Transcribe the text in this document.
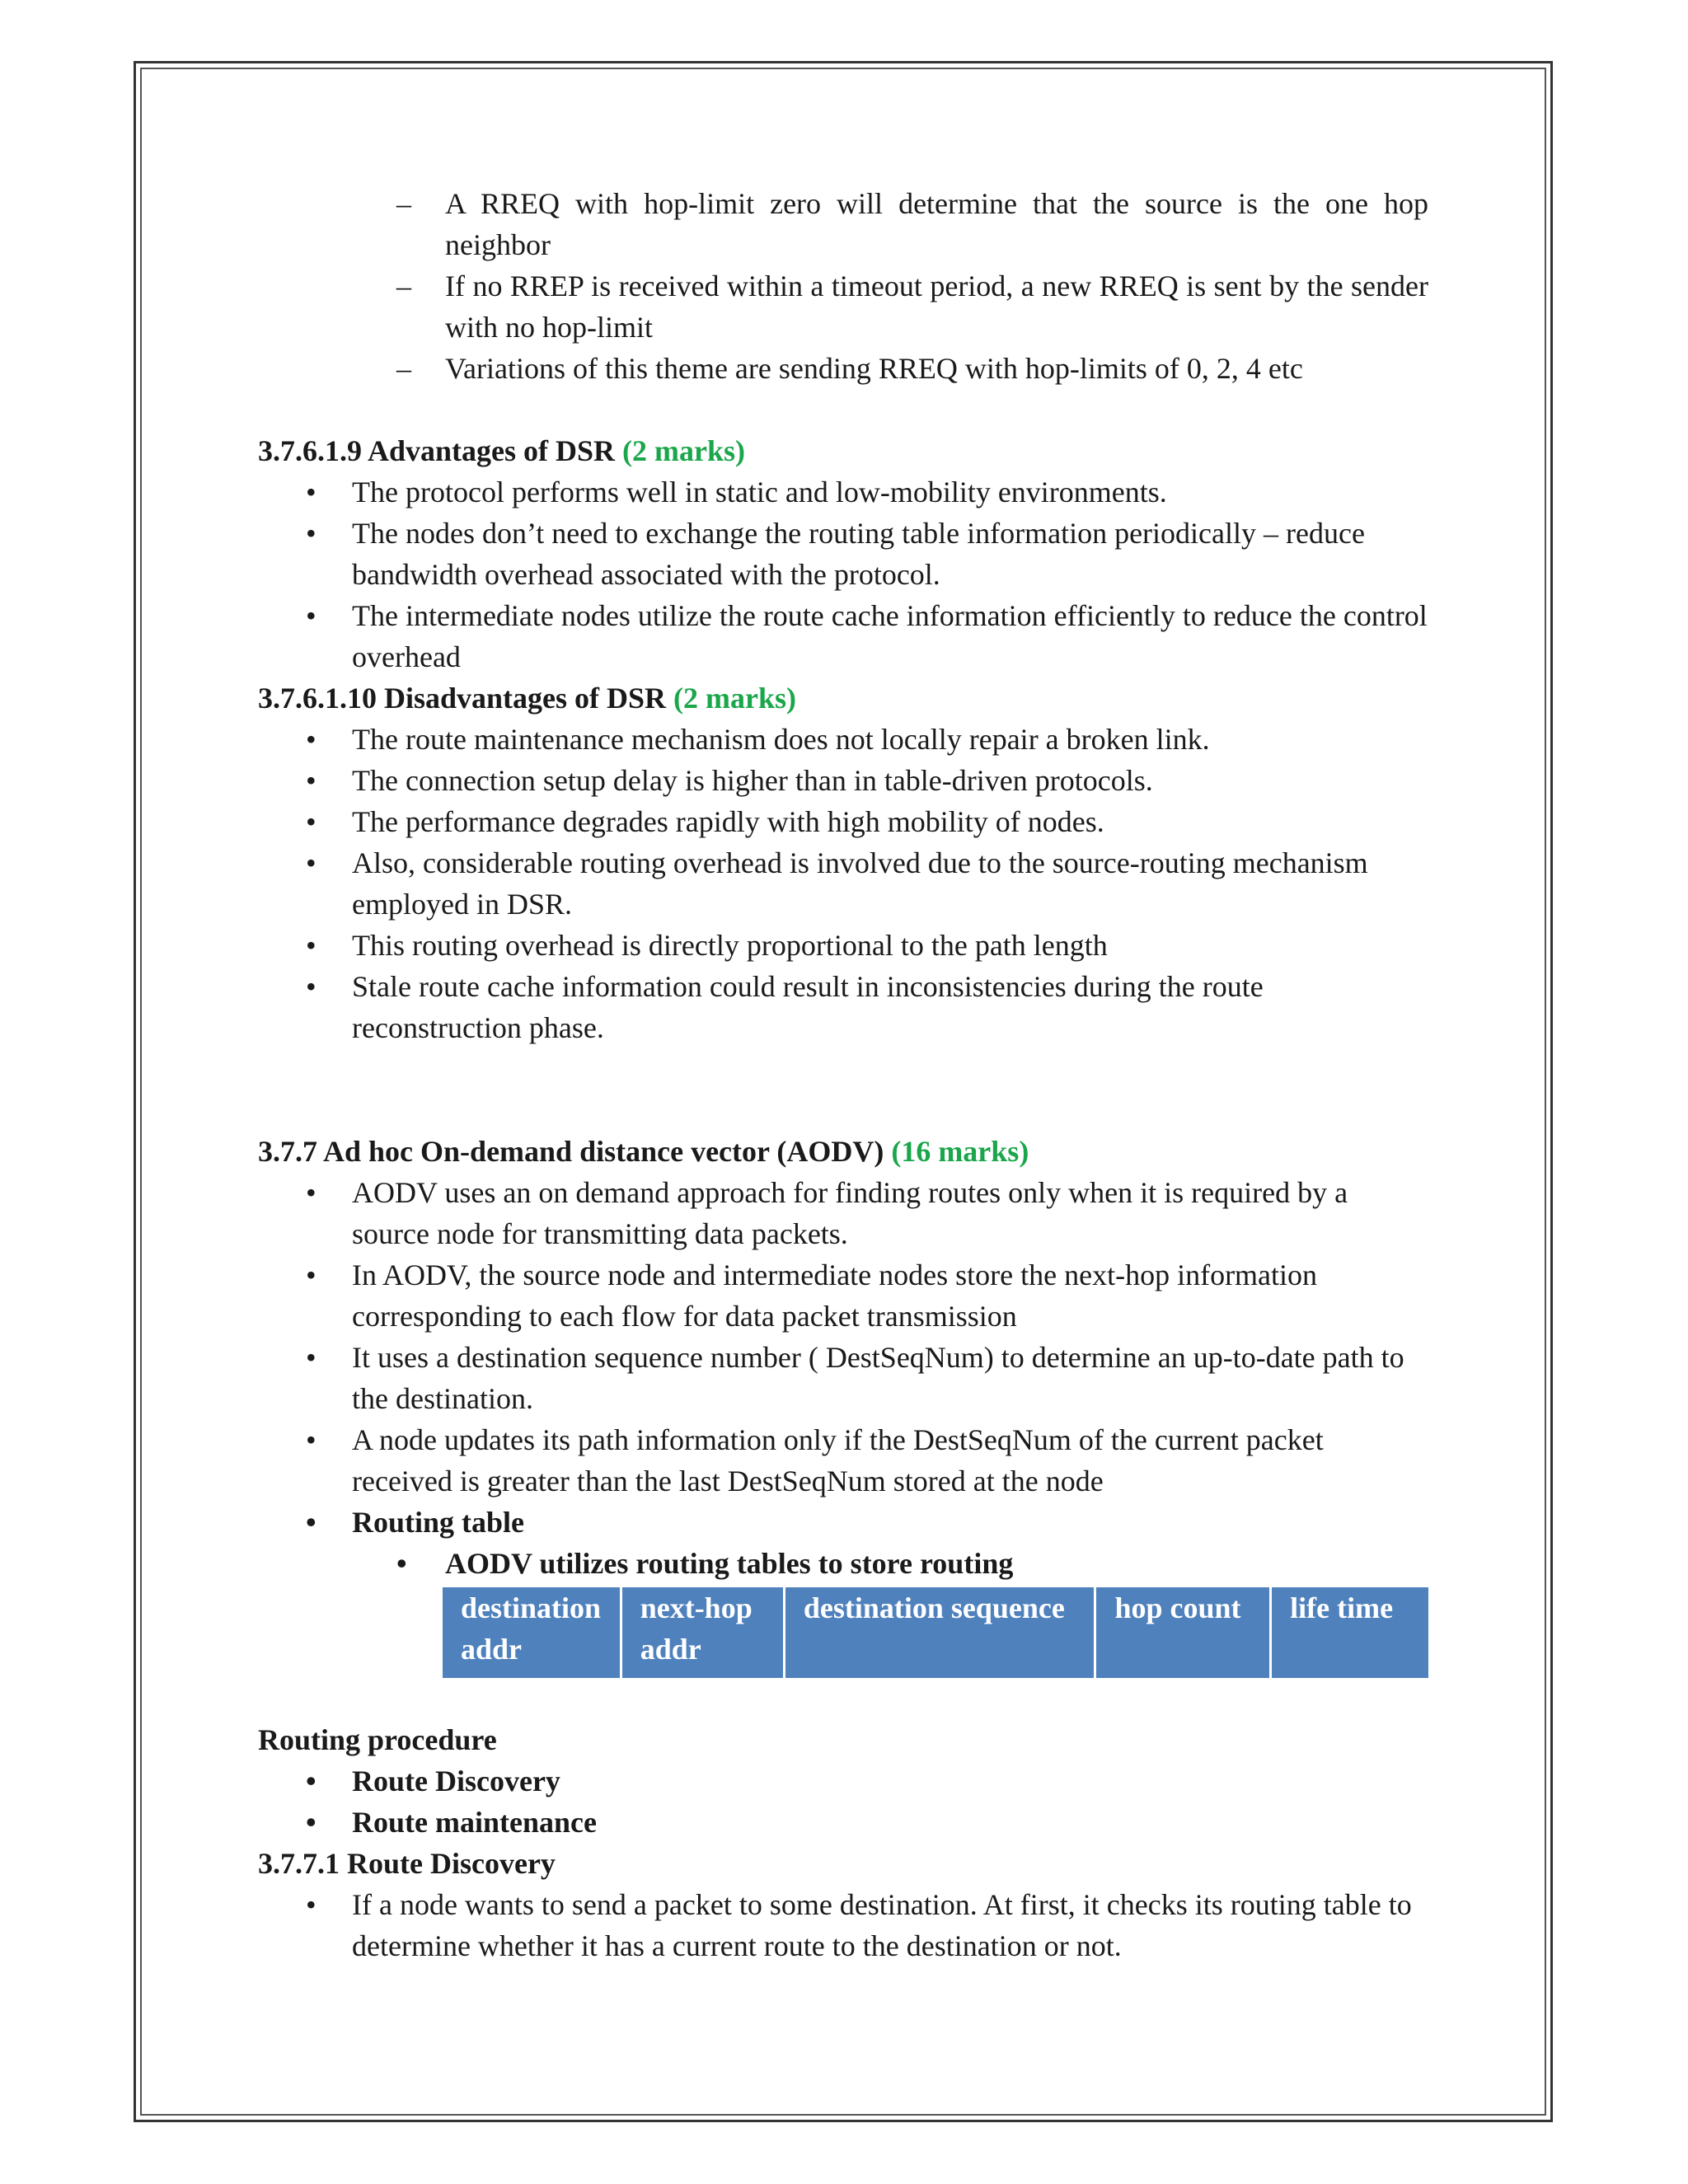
– A RREQ with hop-limit zero will determine that the source is the one hop neighbor
– If no RREP is received within a timeout period, a new RREQ is sent by the sender with no hop-limit
– Variations of this theme are sending RREQ with hop-limits of 0, 2, 4 etc
3.7.6.1.9 Advantages of DSR (2 marks)
• The protocol performs well in static and low-mobility environments.
• The nodes don’t need to exchange the routing table information periodically – reduce bandwidth overhead associated with the protocol.
• The intermediate nodes utilize the route cache information efficiently to reduce the control overhead
3.7.6.1.10 Disadvantages of DSR (2 marks)
• The route maintenance mechanism does not locally repair a broken link.
• The connection setup delay is higher than in table-driven protocols.
• The performance degrades rapidly with high mobility of nodes.
• Also, considerable routing overhead is involved due to the source-routing mechanism employed in DSR.
• This routing overhead is directly proportional to the path length
• Stale route cache information could result in inconsistencies during the route reconstruction phase.
3.7.7 Ad hoc On-demand distance vector (AODV) (16 marks)
• AODV uses an on demand approach for finding routes only when it is required by a source node for transmitting data packets.
• In AODV, the source node and intermediate nodes store the next-hop information corresponding to each flow for data packet transmission
• It uses a destination sequence number ( DestSeqNum) to determine an up-to-date path to the destination.
• A node updates its path information only if the DestSeqNum of the current packet received is greater than the last DestSeqNum stored at the node
• Routing table
• AODV utilizes routing tables to store routing
destination addr	next-hop addr	destination sequence	hop count	life time
Routing procedure
• Route Discovery
• Route maintenance
3.7.7.1 Route Discovery
• If a node wants to send a packet to some destination. At first, it checks its routing table to determine whether it has a current route to the destination or not.
